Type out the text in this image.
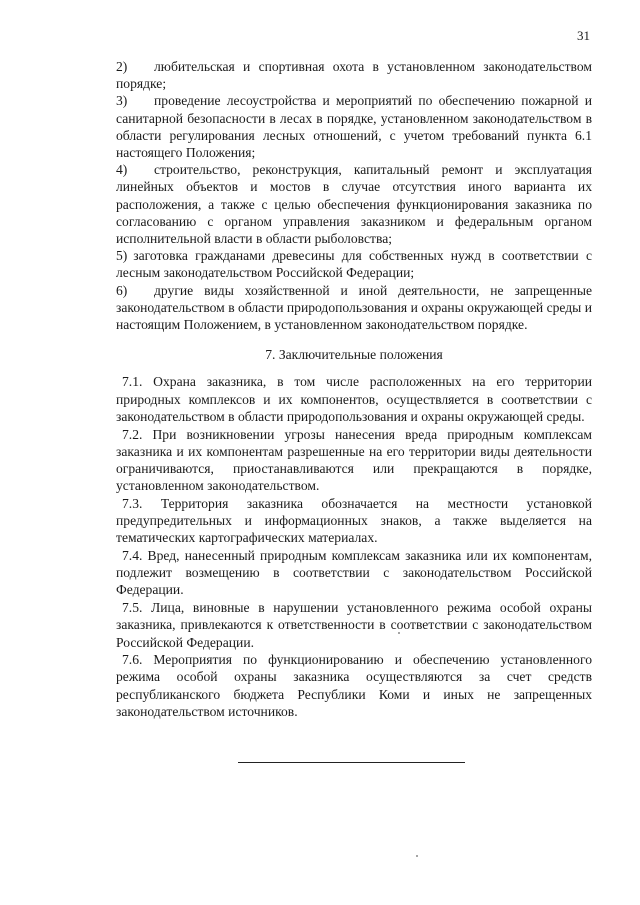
31

2) любительская и спортивная охота в установленном законодательством порядке;

3) проведение лесоустройства и мероприятий по обеспечению пожарной и санитарной безопасности в лесах в порядке, установленном законодательством в области регулирования лесных отношений, с учетом требований пункта 6.1 настоящего Положения;

4) строительство, реконструкция, капитальный ремонт и эксплуатация линейных объектов и мостов в случае отсутствия иного варианта их расположения, а также с целью обеспечения функционирования заказника по согласованию с органом управления заказником и федеральным органом исполнительной власти в области рыболовства;

5) заготовка гражданами древесины для собственных нужд в соответствии с лесным законодательством Российской Федерации;

6) другие виды хозяйственной и иной деятельности, не запрещенные законодательством в области природопользования и охраны окружающей среды и настоящим Положением, в установленном законодательством порядке.

7. Заключительные положения

7.1. Охрана заказника, в том числе расположенных на его территории природных комплексов и их компонентов, осуществляется в соответствии с законодательством в области природопользования и охраны окружающей среды.

7.2. При возникновении угрозы нанесения вреда природным комплексам заказника и их компонентам разрешенные на его территории виды деятельности ограничиваются, приостанавливаются или прекращаются в порядке, установленном законодательством.

7.3. Территория заказника обозначается на местности установкой предупредительных и информационных знаков, а также выделяется на тематических картографических материалах.

7.4. Вред, нанесенный природным комплексам заказника или их компонентам, подлежит возмещению в соответствии с законодательством Российской Федерации.

7.5. Лица, виновные в нарушении установленного режима особой охраны заказника, привлекаются к ответственности в соответствии с законодательством Российской Федерации.

7.6. Мероприятия по функционированию и обеспечению установленного режима особой охраны заказника осуществляются за счет средств республиканского бюджета Республики Коми и иных не запрещенных законодательством источников.
